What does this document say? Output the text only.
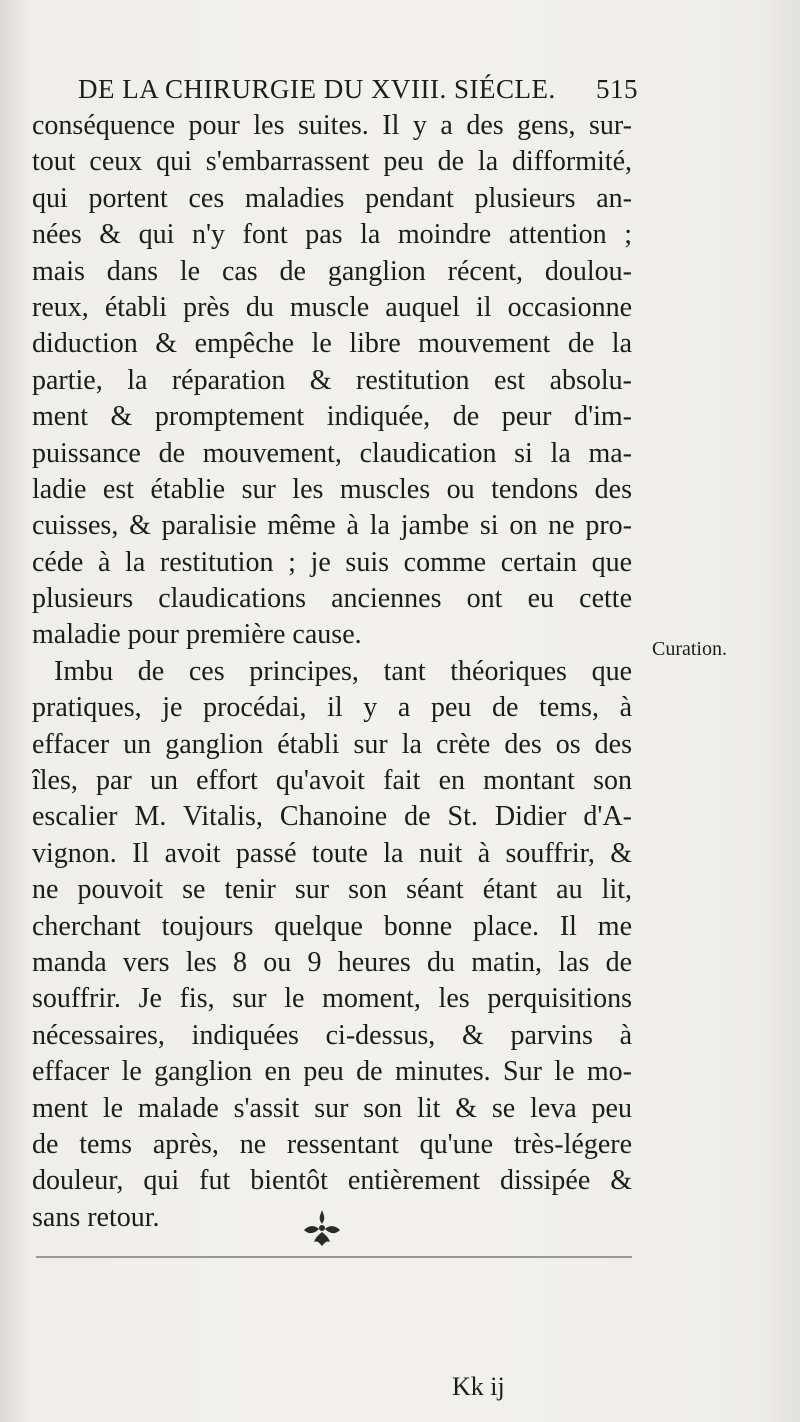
DE LA CHIRURGIE DU XVIII. SIÉCLE. 515
conséquence pour les suites. Il y a des gens, sur-
tout ceux qui s'embarrassent peu de la difformité,
qui portent ces maladies pendant plusieurs an-
nées & qui n'y font pas la moindre attention ;
mais dans le cas de ganglion récent, doulou-
reux, établi près du muscle auquel il occasionne
diduction & empêche le libre mouvement de la
partie, la réparation & restitution est absolu-
ment & promptement indiquée, de peur d'im-
puissance de mouvement, claudication si la ma-
ladie est établie sur les muscles ou tendons des
cuisses, & paralisie même à la jambe si on ne pro-
céde à la restitution ; je suis comme certain que
plusieurs claudications anciennes ont eu cette
maladie pour première cause.
Imbu de ces principes, tant théoriques que
pratiques, je procédai, il y a peu de tems, à
effacer un ganglion établi sur la crète des os des
îles, par un effort qu'avoit fait en montant son
escalier M. Vitalis, Chanoine de St. Didier d'A-
vignon. Il avoit passé toute la nuit à souffrir, &
ne pouvoit se tenir sur son séant étant au lit,
cherchant toujours quelque bonne place. Il me
manda vers les 8 ou 9 heures du matin, las de
souffrir. Je fis, sur le moment, les perquisitions
nécessaires, indiquées ci-dessus, & parvins à
effacer le ganglion en peu de minutes. Sur le mo-
ment le malade s'assit sur son lit & se leva peu
de tems après, ne ressentant qu'une très-légere
douleur, qui fut bientôt entièrement dissipée &
sans retour.
Curation.
Kk ij
